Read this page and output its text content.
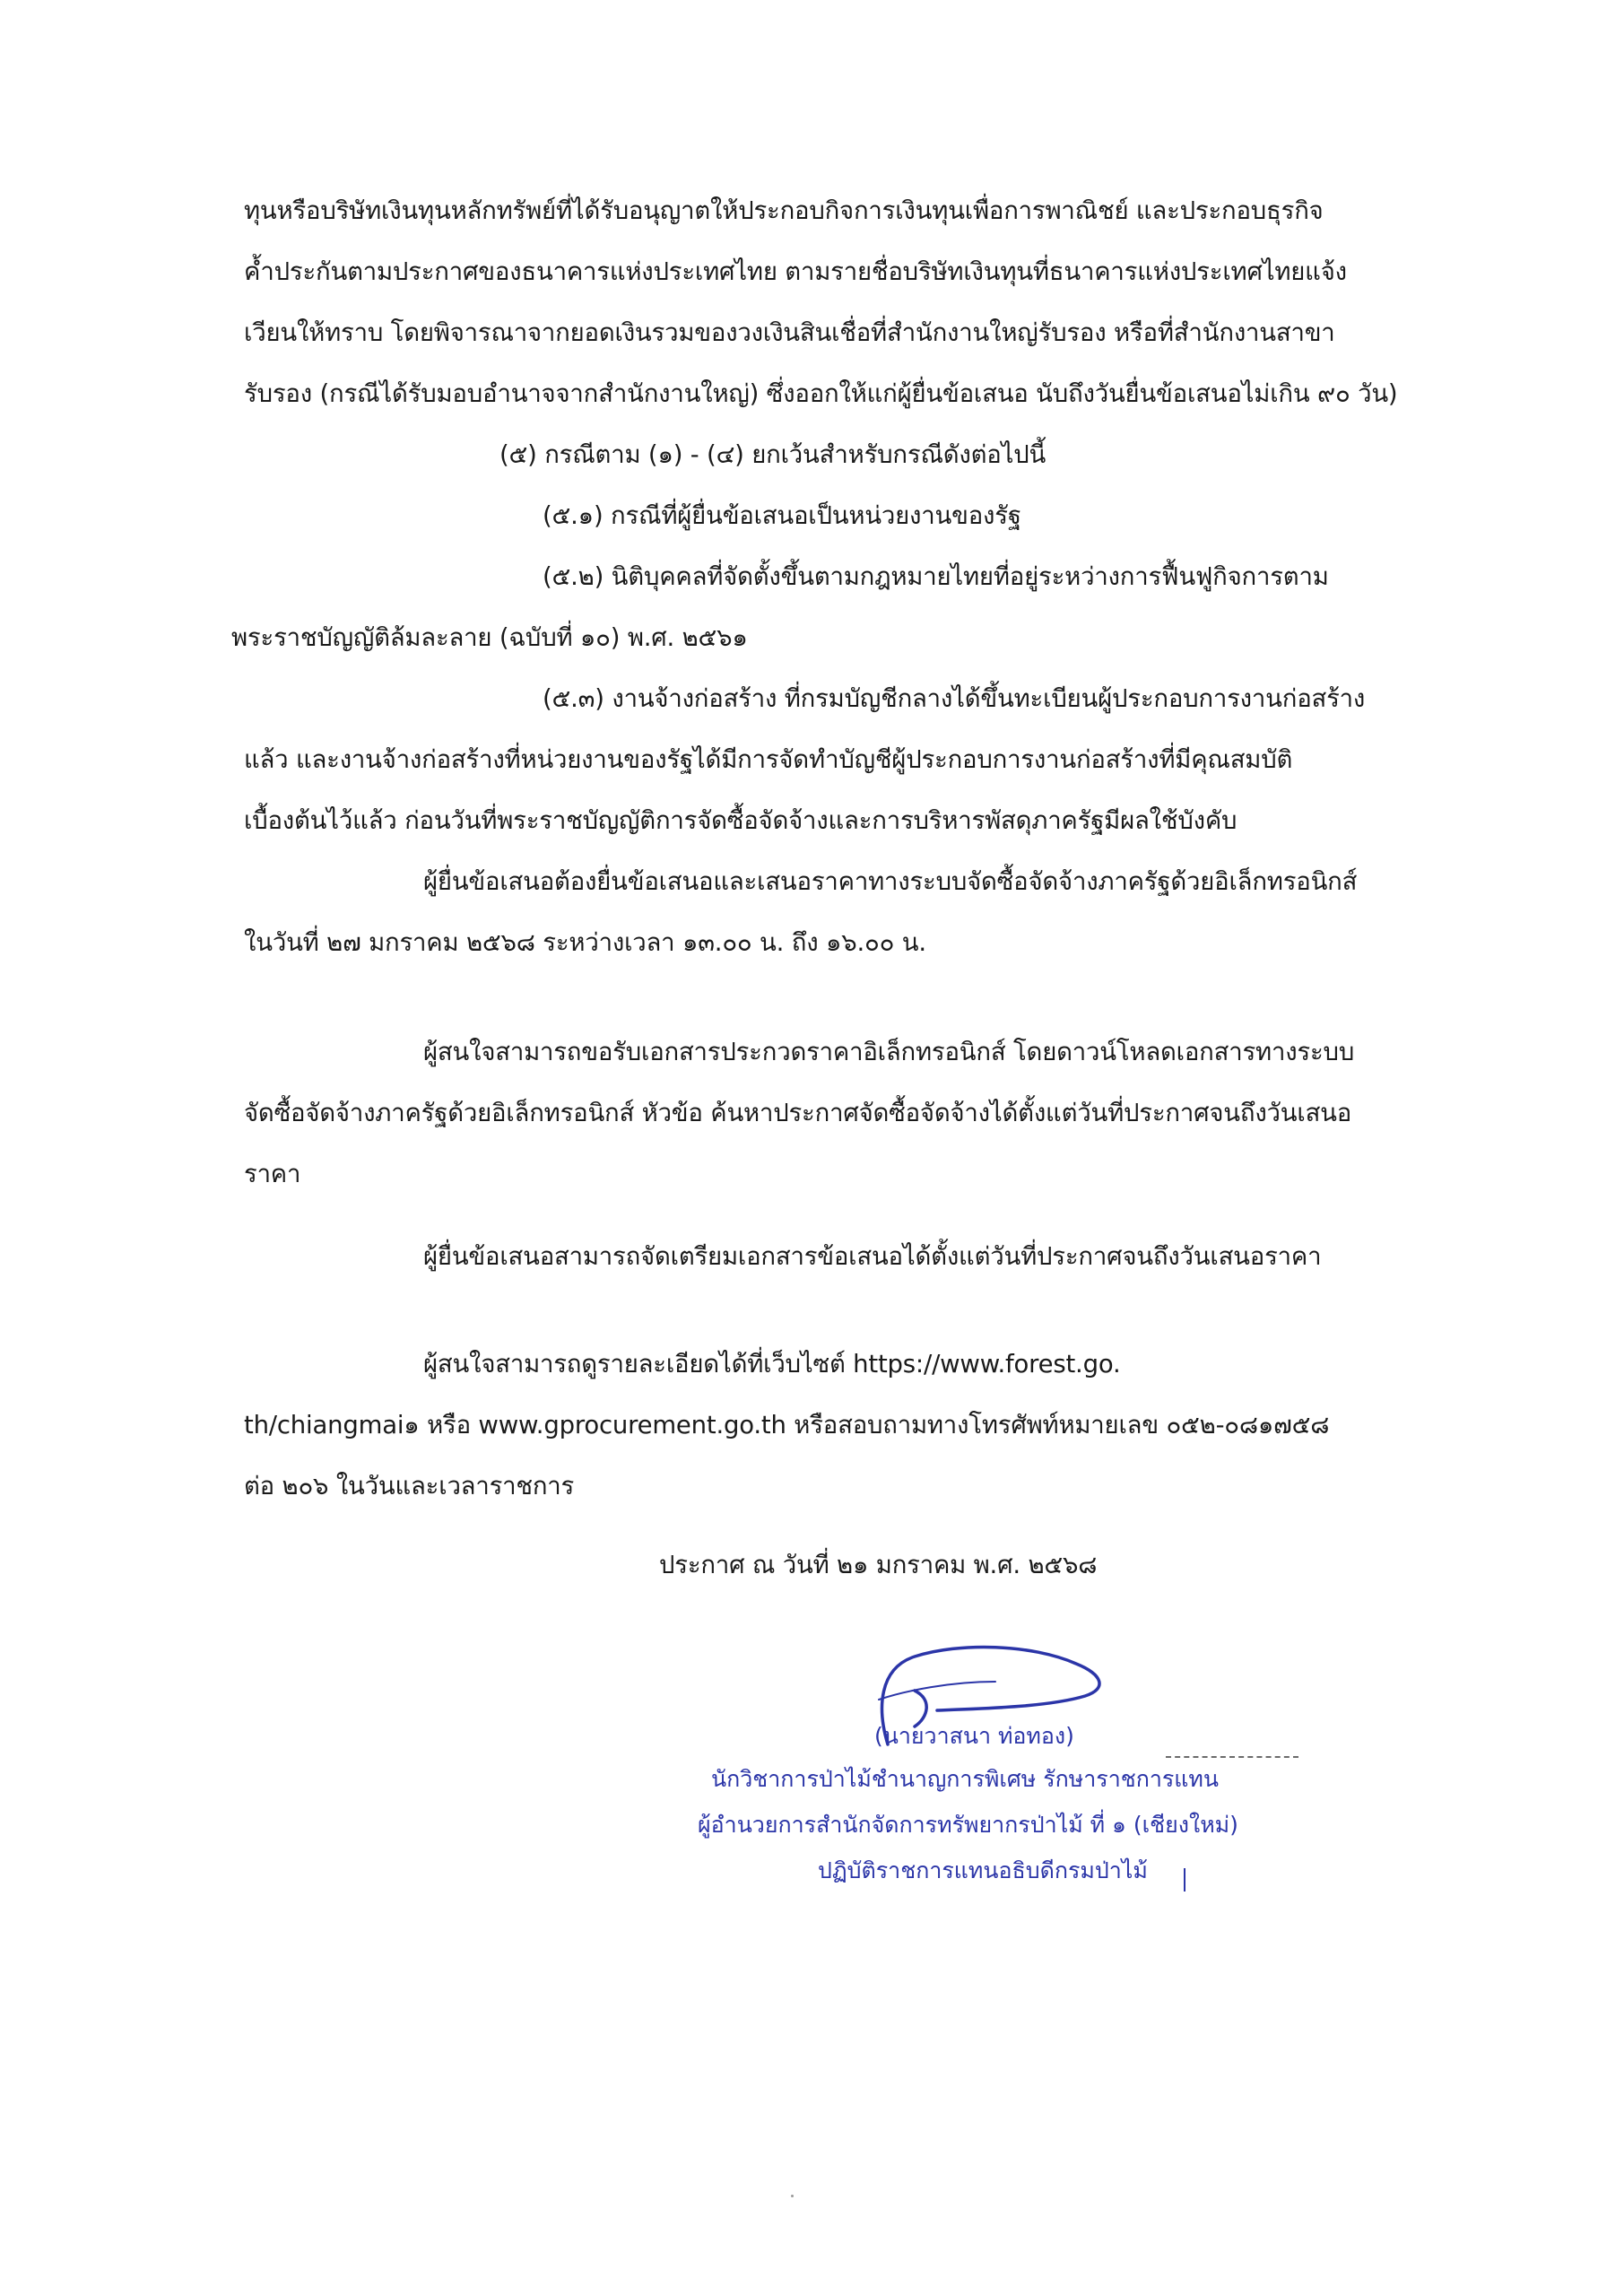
ทุนหรือบริษัทเงินทุนหลักทรัพย์ที่ได้รับอนุญาตให้ประกอบกิจการเงินทุนเพื่อการพาณิชย์ และประกอบธุรกิจ
ค้ำประกันตามประกาศของธนาคารแห่งประเทศไทย ตามรายชื่อบริษัทเงินทุนที่ธนาคารแห่งประเทศไทยแจ้ง
เวียนให้ทราบ โดยพิจารณาจากยอดเงินรวมของวงเงินสินเชื่อที่สำนักงานใหญ่รับรอง หรือที่สำนักงานสาขา
รับรอง (กรณีได้รับมอบอำนาจจากสำนักงานใหญ่) ซึ่งออกให้แก่ผู้ยื่นข้อเสนอ นับถึงวันยื่นข้อเสนอไม่เกิน ๙๐ วัน)
(๕) กรณีตาม (๑) - (๔) ยกเว้นสำหรับกรณีดังต่อไปนี้
(๕.๑) กรณีที่ผู้ยื่นข้อเสนอเป็นหน่วยงานของรัฐ
(๕.๒) นิติบุคคลที่จัดตั้งขึ้นตามกฎหมายไทยที่อยู่ระหว่างการฟื้นฟูกิจการตาม
พระราชบัญญัติล้มละลาย (ฉบับที่ ๑๐) พ.ศ. ๒๕๖๑
(๕.๓) งานจ้างก่อสร้าง ที่กรมบัญชีกลางได้ขึ้นทะเบียนผู้ประกอบการงานก่อสร้าง
แล้ว และงานจ้างก่อสร้างที่หน่วยงานของรัฐได้มีการจัดทำบัญชีผู้ประกอบการงานก่อสร้างที่มีคุณสมบัติ
เบื้องต้นไว้แล้ว ก่อนวันที่พระราชบัญญัติการจัดซื้อจัดจ้างและการบริหารพัสดุภาครัฐมีผลใช้บังคับ
ผู้ยื่นข้อเสนอต้องยื่นข้อเสนอและเสนอราคาทางระบบจัดซื้อจัดจ้างภาครัฐด้วยอิเล็กทรอนิกส์
ในวันที่ ๒๗ มกราคม ๒๕๖๘ ระหว่างเวลา ๑๓.๐๐ น. ถึง ๑๖.๐๐ น.
ผู้สนใจสามารถขอรับเอกสารประกวดราคาอิเล็กทรอนิกส์ โดยดาวน์โหลดเอกสารทางระบบ
จัดซื้อจัดจ้างภาครัฐด้วยอิเล็กทรอนิกส์ หัวข้อ ค้นหาประกาศจัดซื้อจัดจ้างได้ตั้งแต่วันที่ประกาศจนถึงวันเสนอ
ราคา
ผู้ยื่นข้อเสนอสามารถจัดเตรียมเอกสารข้อเสนอได้ตั้งแต่วันที่ประกาศจนถึงวันเสนอราคา
ผู้สนใจสามารถดูรายละเอียดได้ที่เว็บไซต์ https://www.forest.go.
th/chiangmai๑ หรือ www.gprocurement.go.th หรือสอบถามทางโทรศัพท์หมายเลข ๐๕๒-๐๘๑๗๕๘
ต่อ ๒๐๖ ในวันและเวลาราชการ
ประกาศ ณ วันที่ ๒๑ มกราคม พ.ศ. ๒๕๖๘
(นายวาสนา ท่อทอง)
นักวิชาการป่าไม้ชำนาญการพิเศษ รักษาราชการแทน
ผู้อำนวยการสำนักจัดการทรัพยากรป่าไม้ ที่ ๑ (เชียงใหม่)
ปฏิบัติราชการแทนอธิบดีกรมป่าไม้
